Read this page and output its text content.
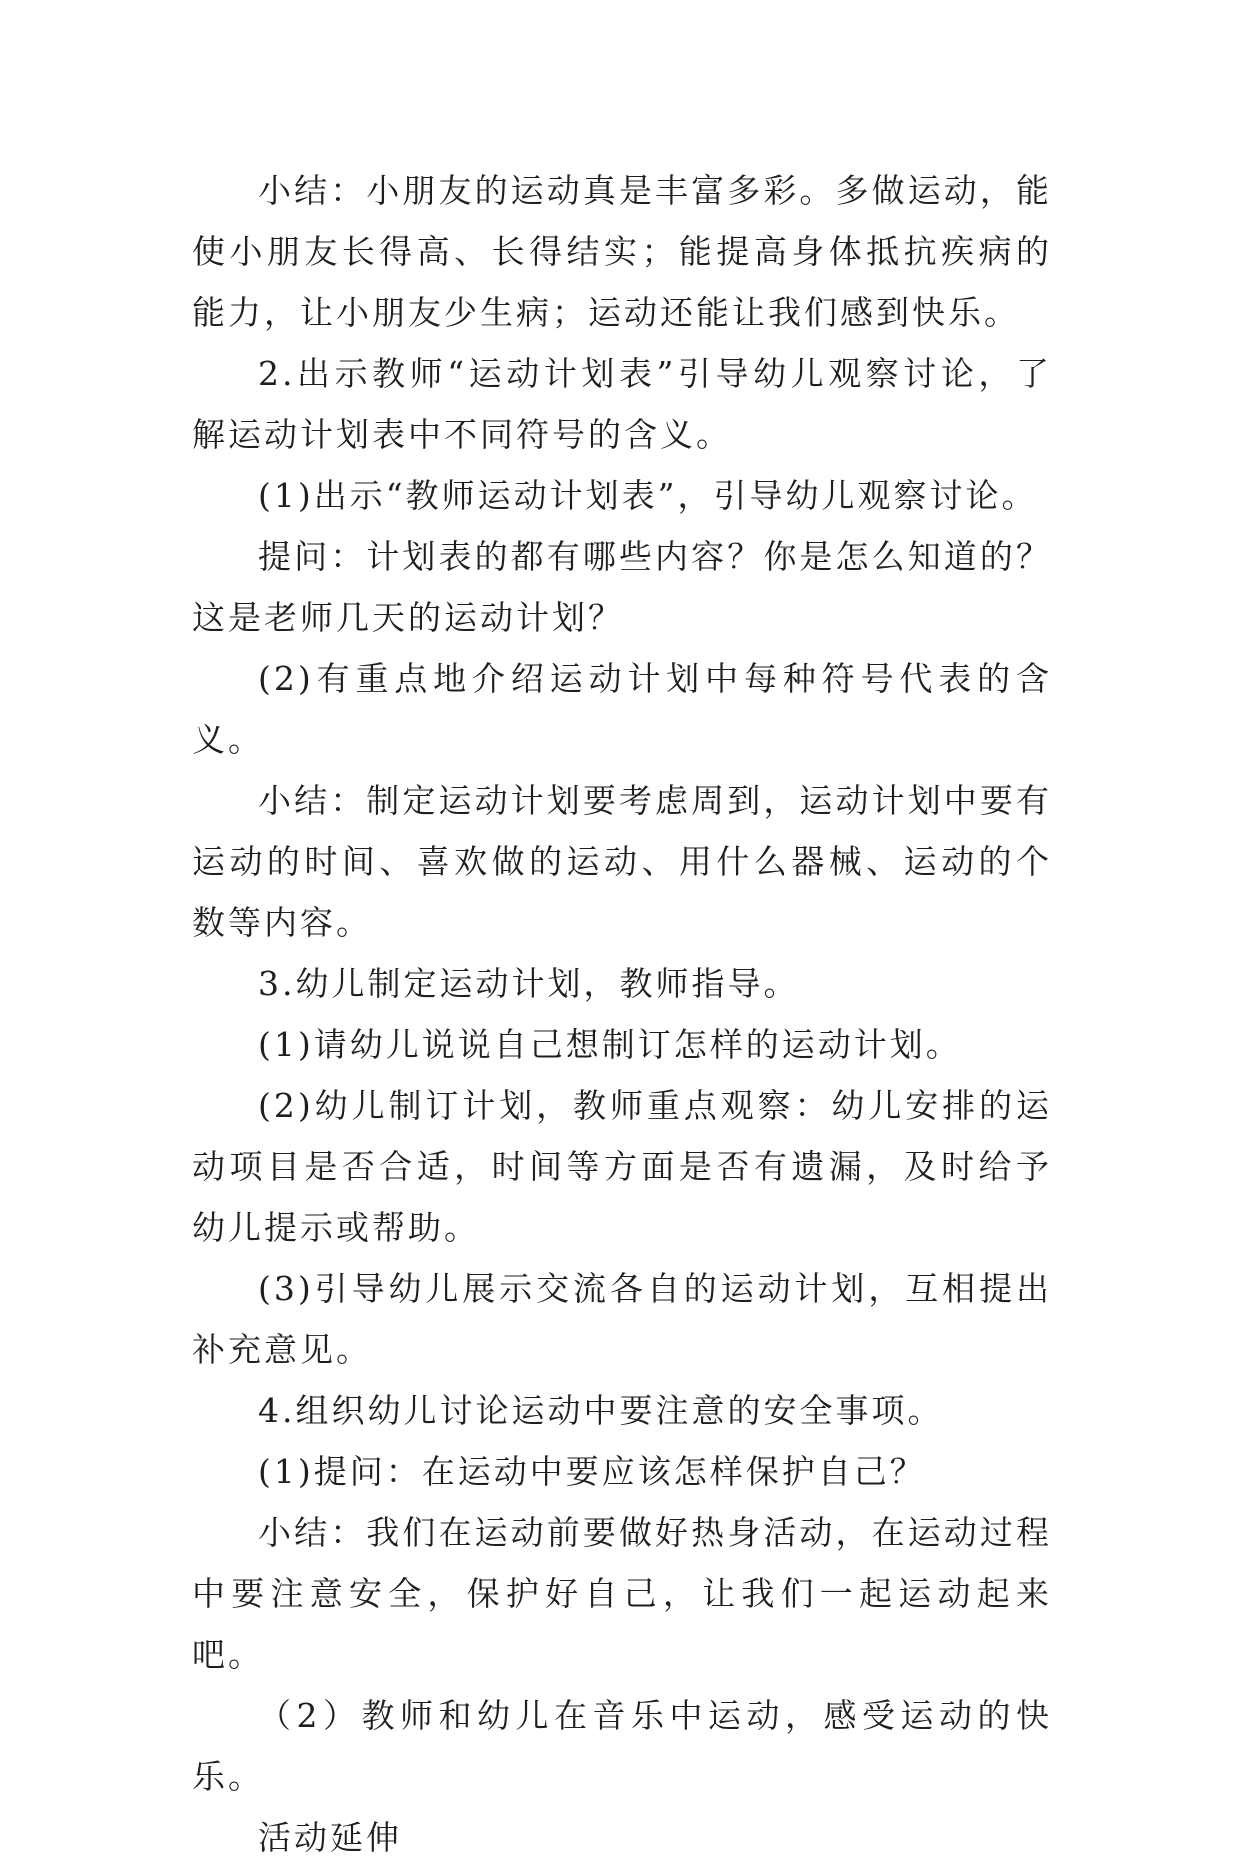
小结：小朋友的运动真是丰富多彩。多做运动，能使小朋友长得高、长得结实；能提高身体抵抗疾病的能力，让小朋友少生病；运动还能让我们感到快乐。

2.出示教师“运动计划表”引导幼儿观察讨论，了解运动计划表中不同符号的含义。

(1)出示“教师运动计划表”，引导幼儿观察讨论。

提问：计划表的都有哪些内容？你是怎么知道的？这是老师几天的运动计划？

(2)有重点地介绍运动计划中每种符号代表的含义。

小结：制定运动计划要考虑周到，运动计划中要有运动的时间、喜欢做的运动、用什么器械、运动的个数等内容。

3.幼儿制定运动计划，教师指导。

(1)请幼儿说说自己想制订怎样的运动计划。

(2)幼儿制订计划，教师重点观察：幼儿安排的运动项目是否合适，时间等方面是否有遗漏，及时给予幼儿提示或帮助。

(3)引导幼儿展示交流各自的运动计划，互相提出补充意见。

4.组织幼儿讨论运动中要注意的安全事项。

(1)提问：在运动中要应该怎样保护自己？

小结：我们在运动前要做好热身活动，在运动过程中要注意安全，保护好自己，让我们一起运动起来吧。

（2）教师和幼儿在音乐中运动，感受运动的快乐。

活动延伸
